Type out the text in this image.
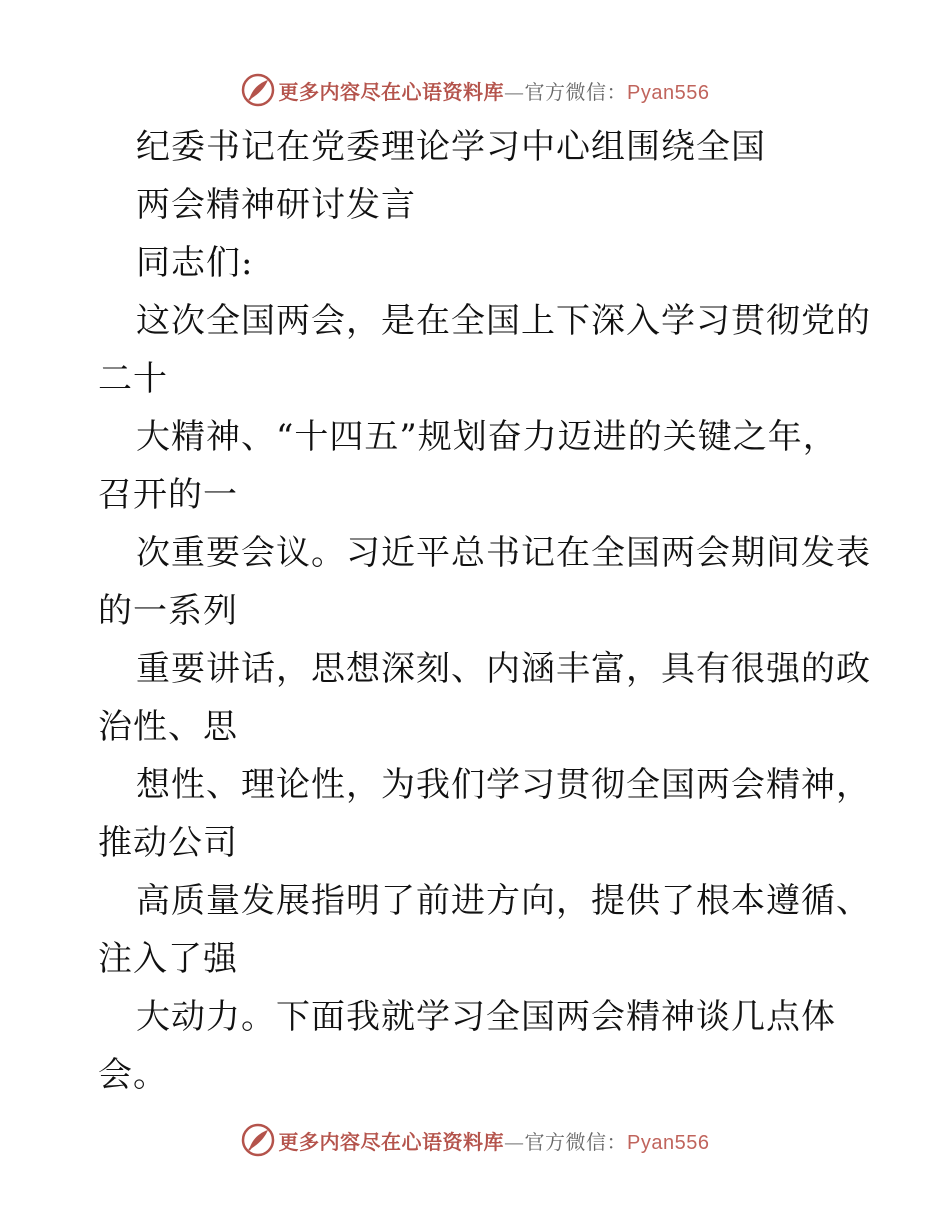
更多内容尽在心语资料库—官方微信：Pyan556
纪委书记在党委理论学习中心组围绕全国
两会精神研讨发言
同志们:
这次全国两会，是在全国上下深入学习贯彻党的
二十
大精神、“十四五”规划奋力迈进的关键之年，
召开的一
次重要会议。习近平总书记在全国两会期间发表
的一系列
重要讲话，思想深刻、内涵丰富，具有很强的政
治性、思
想性、理论性，为我们学习贯彻全国两会精神，
推动公司
高质量发展指明了前进方向，提供了根本遵循、
注入了强
大动力。下面我就学习全国两会精神谈几点体
会。
更多内容尽在心语资料库—官方微信：Pyan556
